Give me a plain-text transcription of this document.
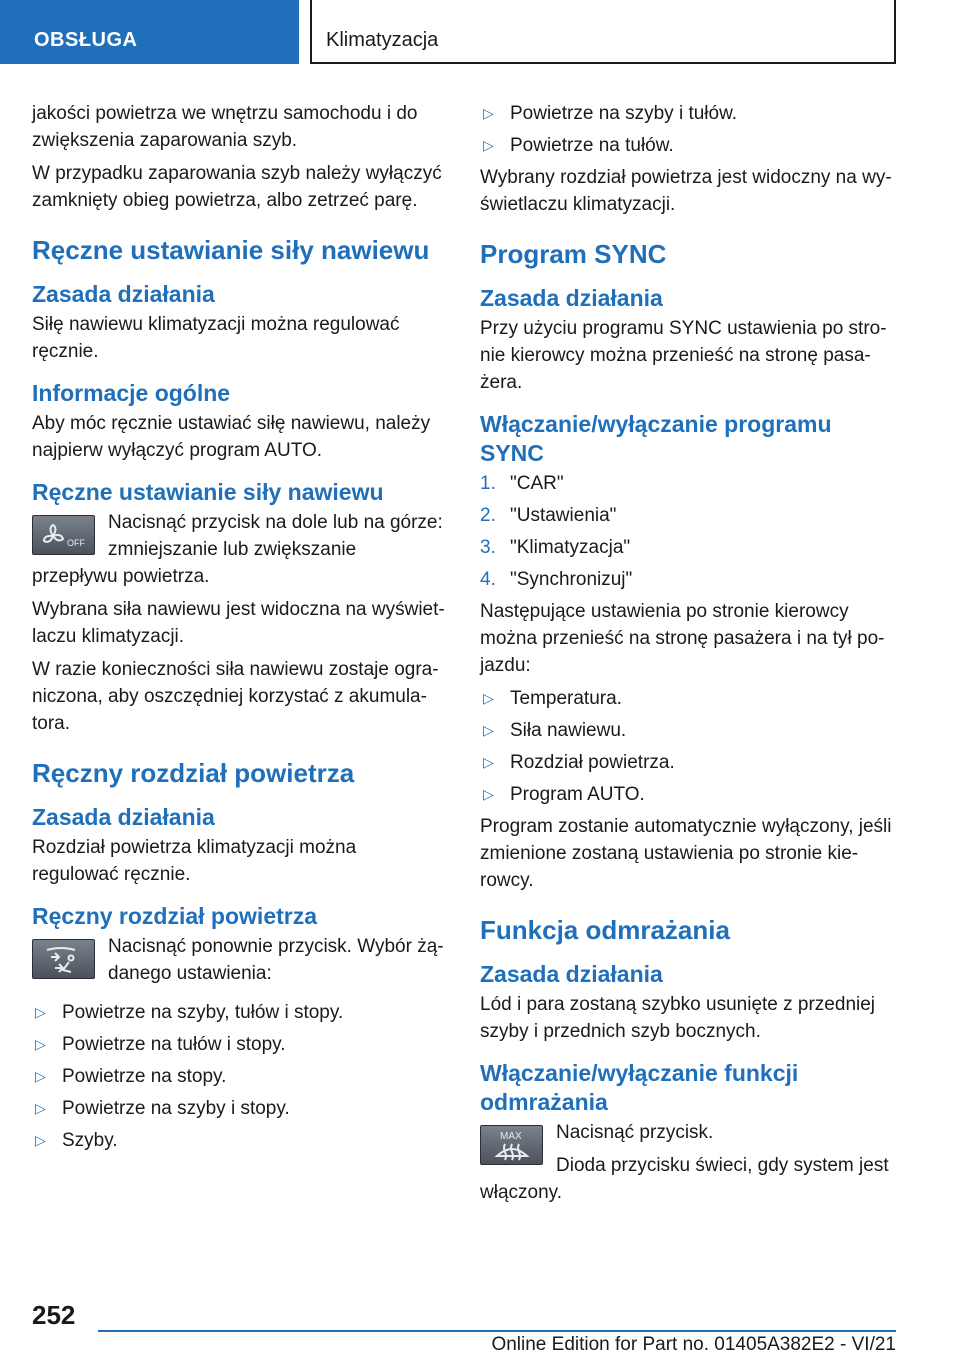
OBSŁUGA	Klimatyzacja
jakości powietrza we wnętrzu samochodu i do zwiększenia zaparowania szyb.
W przypadku zaparowania szyb należy wyłączyć zamknięty obieg powietrza, albo zetrzeć parę.
Ręczne ustawianie siły nawiewu
Zasada działania
Siłę nawiewu klimatyzacji można regulować ręcznie.
Informacje ogólne
Aby móc ręcznie ustawiać siłę nawiewu, należy najpierw wyłączyć program AUTO.
Ręczne ustawianie siły nawiewu
OFF
Nacisnąć przycisk na dole lub na górze: zmniejszanie lub zwiększanie przepływu powietrza.
Wybrana siła nawiewu jest widoczna na wyświetlaczu klimatyzacji.
W razie konieczności siła nawiewu zostaje ograniczona, aby oszczędniej korzystać z akumulatora.
Ręczny rozdział powietrza
Zasada działania
Rozdział powietrza klimatyzacji można regulować ręcznie.
Ręczny rozdział powietrza
Nacisnąć ponownie przycisk. Wybór żądanego ustawienia:
▷ Powietrze na szyby, tułów i stopy.
▷ Powietrze na tułów i stopy.
▷ Powietrze na stopy.
▷ Powietrze na szyby i stopy.
▷ Szyby.
▷ Powietrze na szyby i tułów.
▷ Powietrze na tułów.
Wybrany rozdział powietrza jest widoczny na wyświetlaczu klimatyzacji.
Program SYNC
Zasada działania
Przy użyciu programu SYNC ustawienia po stronie kierowcy można przenieść na stronę pasażera.
Włączanie/wyłączanie programu SYNC
1. "CAR"
2. "Ustawienia"
3. "Klimatyzacja"
4. "Synchronizuj"
Następujące ustawienia po stronie kierowcy można przenieść na stronę pasażera i na tył pojazdu:
▷ Temperatura.
▷ Siła nawiewu.
▷ Rozdział powietrza.
▷ Program AUTO.
Program zostanie automatycznie wyłączony, jeśli zmienione zostaną ustawienia po stronie kierowcy.
Funkcja odmrażania
Zasada działania
Lód i para zostaną szybko usunięte z przedniej szyby i przednich szyb bocznych.
Włączanie/wyłączanie funkcji odmrażania
MAX	Nacisnąć przycisk.
Dioda przycisku świeci, gdy system jest włączony.
252
Online Edition for Part no. 01405A382E2 - VI/21
